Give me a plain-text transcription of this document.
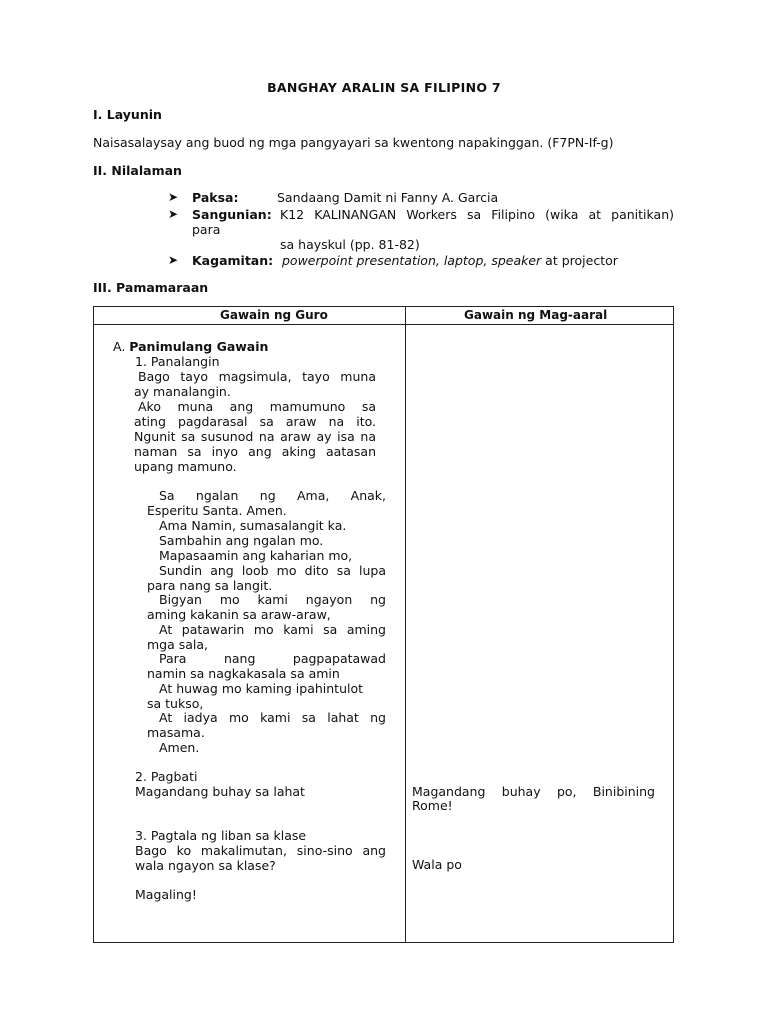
BANGHAY ARALIN SA FILIPINO 7
I. Layunin
Naisasalaysay ang buod ng mga pangyayari sa kwentong napakinggan. (F7PN-If-g)
II. Nilalaman
➤ Paksa:	Sandaang Damit ni Fanny A. Garcia
➤ Sangunian: K12 KALINANGAN Workers sa Filipino (wika at panitikan)
para
sa hayskul (pp. 81-82)
➤ Kagamitan: powerpoint presentation, laptop, speaker at projector
III. Pamamaraan
Gawain ng Guro	Gawain ng Mag-aaral
A. Panimulang Gawain
1. Panalangin
Bago tayo magsimula, tayo muna
ay manalangin.
Ako muna ang mamumuno sa
ating pagdarasal sa araw na ito.
Ngunit sa susunod na araw ay isa na
naman sa inyo ang aking aatasan
upang mamuno.
Sa ngalan ng Ama, Anak,
Esperitu Santa. Amen.
Ama Namin, sumasalangit ka.
Sambahin ang ngalan mo.
Mapasaamin ang kaharian mo,
Sundin ang loob mo dito sa lupa
para nang sa langit.
Bigyan mo kami ngayon ng
aming kakanin sa araw-araw,
At patawarin mo kami sa aming
mga sala,
Para nang pagpapatawad
namin sa nagkakasala sa amin
At huwag mo kaming ipahintulot
sa tukso,
At iadya mo kami sa lahat ng
masama.
Amen.
2. Pagbati
Magandang buhay sa lahat
3. Pagtala ng liban sa klase
Bago ko makalimutan, sino-sino ang
wala ngayon sa klase?
Magaling!
Magandang buhay po, Binibining
Rome!
Wala po
